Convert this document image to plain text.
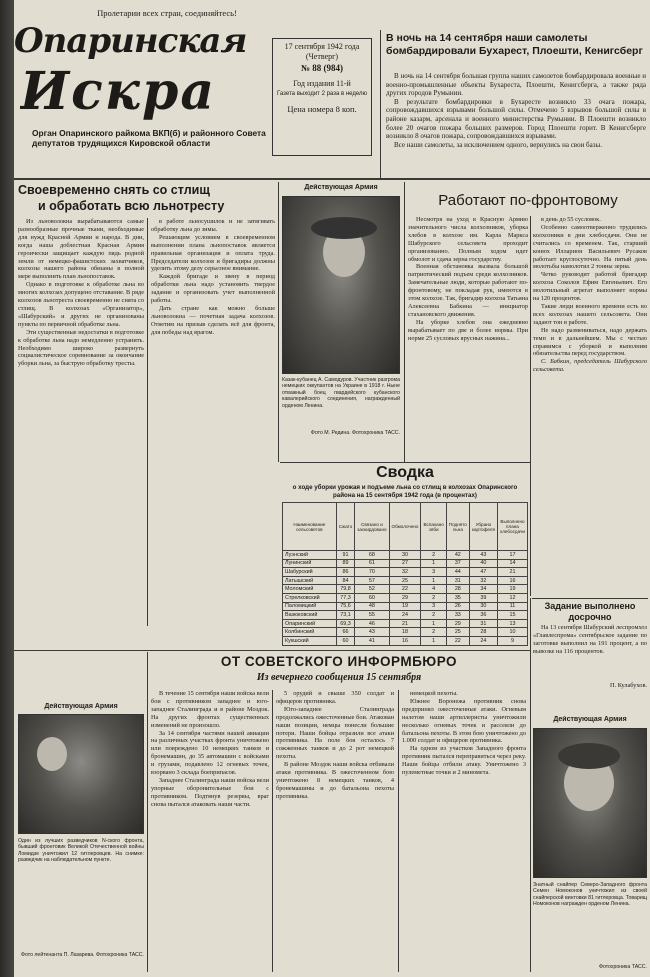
Пролетарии всех стран, соединяйтесь!
Опаринская
Искра
Орган Опаринского райкома ВКП(б) и районного Совета депутатов трудящихся Кировской области
17 сентября 1942 года
(Четверг)
№ 88 (984)
Год издания 11-й
Газета выходит 2 раза в неделю
Цена номера 8 коп.
В ночь на 14 сентября наши самолеты бомбардировали Бухарест, Плоешти, Кенигсберг

В ночь на 14 сентября большая группа наших самолетов бомбардировала военные и военно-промышленные объекты Бухареста, Плоешти, Кенигсберга, а также ряда других городов Румынии.

В результате бомбардировки в Бухаресте возникло 33 очага пожара, сопровождавшихся взрывами большой силы. Отмечено 5 взрывов большой силы в районе казарм, арсенала и военного министерства Румынии. В Плоешти возникло более 20 очагов пожара больших размеров. Город Плоешти горит. В Кенигсберге возникло 8 очагов пожара, сопровождавшихся взрывами.

Все наши самолеты, за исключением одного, вернулись на свои базы.

Своевременно снять со стлищ
и обработать всю льнотресту

Из льноволокна вырабатываются самые разнообразные прочные ткани, необходимые для нужд Красной Армии и народа. В дни, когда наша доблестная Красная Армия героически защищает каждую пядь родной земли от немецко-фашистских захватчиков, колхозы нашего района обязаны в полной мере выполнить план льнопоставок.

Однако в подготовке к обработке льна во многих колхозах допущено отставание. В ряде колхозов льнотреста своевременно не снята со стлищ. В колхозах «Организатор», «Шабурский» и других не организованы пункты по первичной обработке льна.

Эти существенные недостатки в подготовке к обработке льна надо немедленно устранить. Необходимо широко развернуть социалистическое соревнование за окончание уборки льна, за быструю обработку тресты.

в работе льносушилок и не затягивать обработку льна до зимы.

Решающим условием в своевременном выполнении плана льнопоставок является правильная организация и оплата труда. Председатели колхозов и бригадиры должны уделить этому делу серьезное внимание.

Каждой бригаде и звену в период обработки льна надо установить твердое задание и организовать учет выполненной работы.

Дать стране как можно больше льноволокна — почетная задача колхозов. Ответим на призыв сделать всё для фронта, для победы над врагом.

Действующая Армия
Казак-кубанец А. Самодуров. Участник разгрома немецких оккупантов на Украине в 1918 г. Ныне отважный боец гвардейского кубанского кавалерийского соединения, награжденный орденом Ленина.
Фото М. Редина. Фотохроника ТАСС.
Работают по-фронтовому

Несмотря на уход в Красную Армию значительного числа колхозников, уборка хлебов в колхозе им. Карла Маркса Шабурского сельсовета проходит организованно. Полным ходом идет обмолот и сдача зерна государству.

Военная обстановка вызвала большой патриотический подъем среди колхозников. Замечательные люди, которые работают по-фронтовому, не покладая рук, имеются в этом колхозе. Так, бригадир колхоза Татьяна Алексеевна Бабкина — инициатор стахановского движения.

На уборке хлебов она ежедневно вырабатывает по две и более нормы. При норме 25 сусловых ярусных нажина...

в день до 55 сусловок.

Особенно самоотверженно трудились колхозники в дни хлебосдачи. Они не считались со временем. Так, старший конюх Илларион Васильевич Русаков работает круглосуточно. На пятый день молотьбы намолотил 2 тонны зерна.

Четко руководит работой бригадир колхоза Соколов Ефим Евгеньевич. Его молотильный агрегат выполняет нормы на 120 процентов.

Такие люди военного времени есть во всех колхозах нашего сельсовета. Они задают тон в работе.

Не надо размениваться, надо держать темп и в дальнейшем. Мы с честью справимся с уборкой и выполним обязательства перед государством.

С. Бабкин, председатель Шабурского сельсовета.

Сводка
о ходе уборки урожая и подъеме льна со стлищ в колхозах Опаринского района на 15 сентября 1942 года (в процентах)
Наименование сельсоветов	Сжато	Связано и заскирдовано	Обмолочено	Вспахано зяби	Поднято льна	Убрано картофеля	Выполнено плана хлебосдачи
Луэнский	91	68	30	2	42	43	17
Лунинский	89	61	27	1	37	40	14
Шабурский	86	70	32	3	44	47	21
Латышский	84	57	25	1	31	32	16
Моломский	79,8	52	22	4	28	34	19
Стрелковский	77,3	60	29	2	35	39	12
Паломицкий	75,6	48	19	3	26	30	11
Вазюковский	73,1	55	24	2	33	36	15
Опаринский	69,3	46	21	1	29	31	13
Колбинский	66	43	18	2	25	28	10
Кукшский	60	41	16	1	22	24	9
Задание выполнено досрочно

На 13 сентября Шабурский леспромхоз «Главлеспрома» сентябрьское задание по заготовке выполнил на 191 процент, а по вывозке на 116 процентов.

П. Кулабухов.
Действующая Армия
Один из лучших разведчиков N-ского фронта, бывший фронтовик Великой Отечественной войны Ломидзе уничтожил 12 гитлеровцев. На снимке: разведчик на наблюдательном пункте.
Фото лейтенанта П. Лазарева. Фотохроника ТАСС.
ОТ СОВЕТСКОГО ИНФОРМБЮРО
Из вечернего сообщения 15 сентября

В течение 15 сентября наши войска вели бои с противником западнее и юго-западнее Сталинграда и в районе Моздок. На других фронтах существенных изменений не произошло.

За 14 сентября частями нашей авиации на различных участках фронта уничтожено или повреждено 10 немецких танков и бронемашин, до 35 автомашин с войсками и грузами, подавлено 12 огневых точек, взорвано 3 склада боеприпасов.

Западнее Сталинграда наши войска вели упорные оборонительные бои с противником. Подтянув резервы, враг снова пытался атаковать наши части.

5 орудий и свыше 350 солдат и офицеров противника.

Юго-западнее Сталинграда продолжались ожесточенные бои. Атакован наши позиции, немцы понесли большие потери. Наши бойцы отразили все атаки противника. На поле боя осталось 7 сожженных танков и до 2 рот немецкой пехоты.

В районе Моздок наши войска отбивали атаки противника. В ожесточенном бою уничтожено 8 немецких танков, 4 бронемашины и до батальона пехоты противника.

немецкой пехоты.

Южнее Воронежа противник снова предпринял ожесточенные атаки. Огневым налетом наши артиллеристы уничтожили несколько огневых точек и рассеяли до батальона пехоты. В этом бою уничтожено до 1.000 солдат и офицеров противника.

На одном из участков Западного фронта противник пытался переправиться через реку. Наши бойцы отбили атаку. Уничтожено 3 пулеметные точки и 2 миномета.

Действующая Армия
Знатный снайпер Северо-Западного фронта Семен Номоконов уничтожил из своей снайперской винтовки 81 гитлеровца. Товарищ Номоконов награжден орденом Ленина.
Фотохроника ТАСС.
